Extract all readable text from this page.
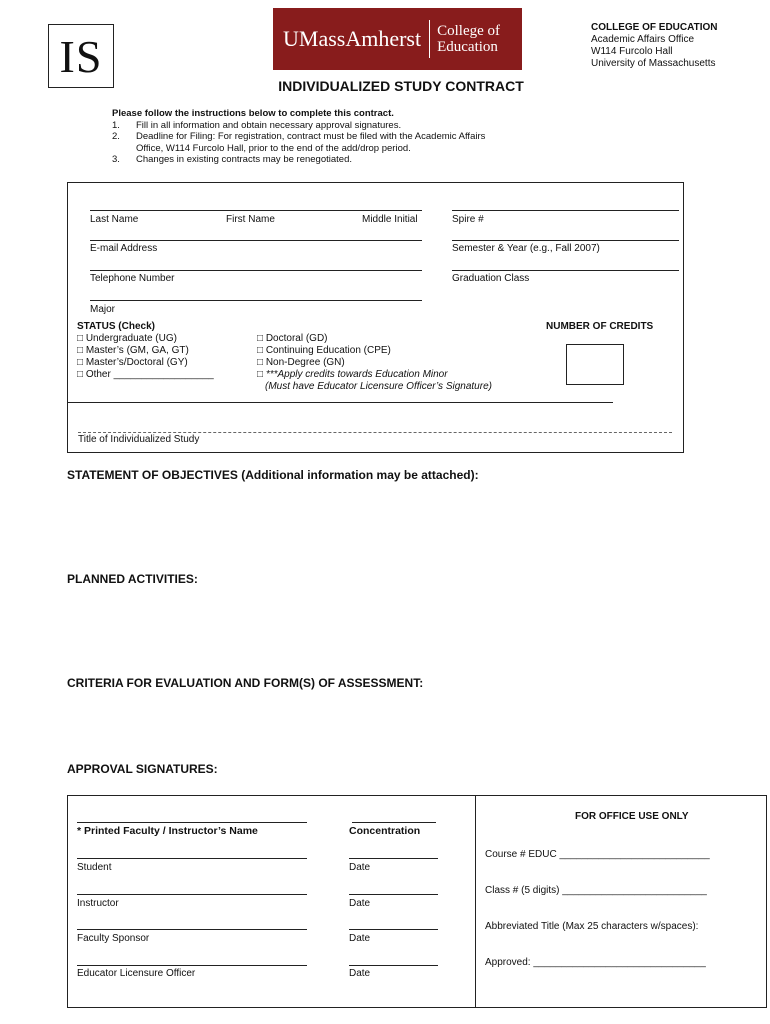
IS	UMassAmherst College of
Education
COLLEGE OF EDUCATION
Academic Affairs Office
W114 Furcolo Hall
University of Massachusetts
INDIVIDUALIZED STUDY CONTRACT
Please follow the instructions below to complete this contract.
1.	Fill in all information and obtain necessary approval signatures.
2.	Deadline for Filing: For registration, contract must be filed with the Academic Affairs
Office, W114 Furcolo Hall, prior to the end of the add/drop period.
3.	Changes in existing contracts may be renegotiated.
Last Name	First Name	Middle Initial	Spire #
E-mail Address	Semester & Year (e.g., Fall 2007)
Telephone Number	Graduation Class
Major
STATUS (Check)
□ Undergraduate (UG)
□ Master’s (GM, GA, GT)
□ Master’s/Doctoral (GY)
□ Other __________________
□ Doctoral (GD)
□ Continuing Education (CPE)
□ Non-Degree (GN)
□ ***Apply credits towards Education Minor
(Must have Educator Licensure Officer’s Signature)
NUMBER OF CREDITS
Title of Individualized Study
STATEMENT OF OBJECTIVES (Additional information may be attached):
PLANNED ACTIVITIES:
CRITERIA FOR EVALUATION AND FORM(S) OF ASSESSMENT:
APPROVAL SIGNATURES:
* Printed Faculty / Instructor’s Name	Concentration
Student	Date
Instructor	Date
Faculty Sponsor	Date
Educator Licensure Officer	Date
FOR OFFICE USE ONLY
Course # EDUC ___________________________
Class # (5 digits) __________________________
Abbreviated Title (Max 25 characters w/spaces):
Approved: _______________________________
